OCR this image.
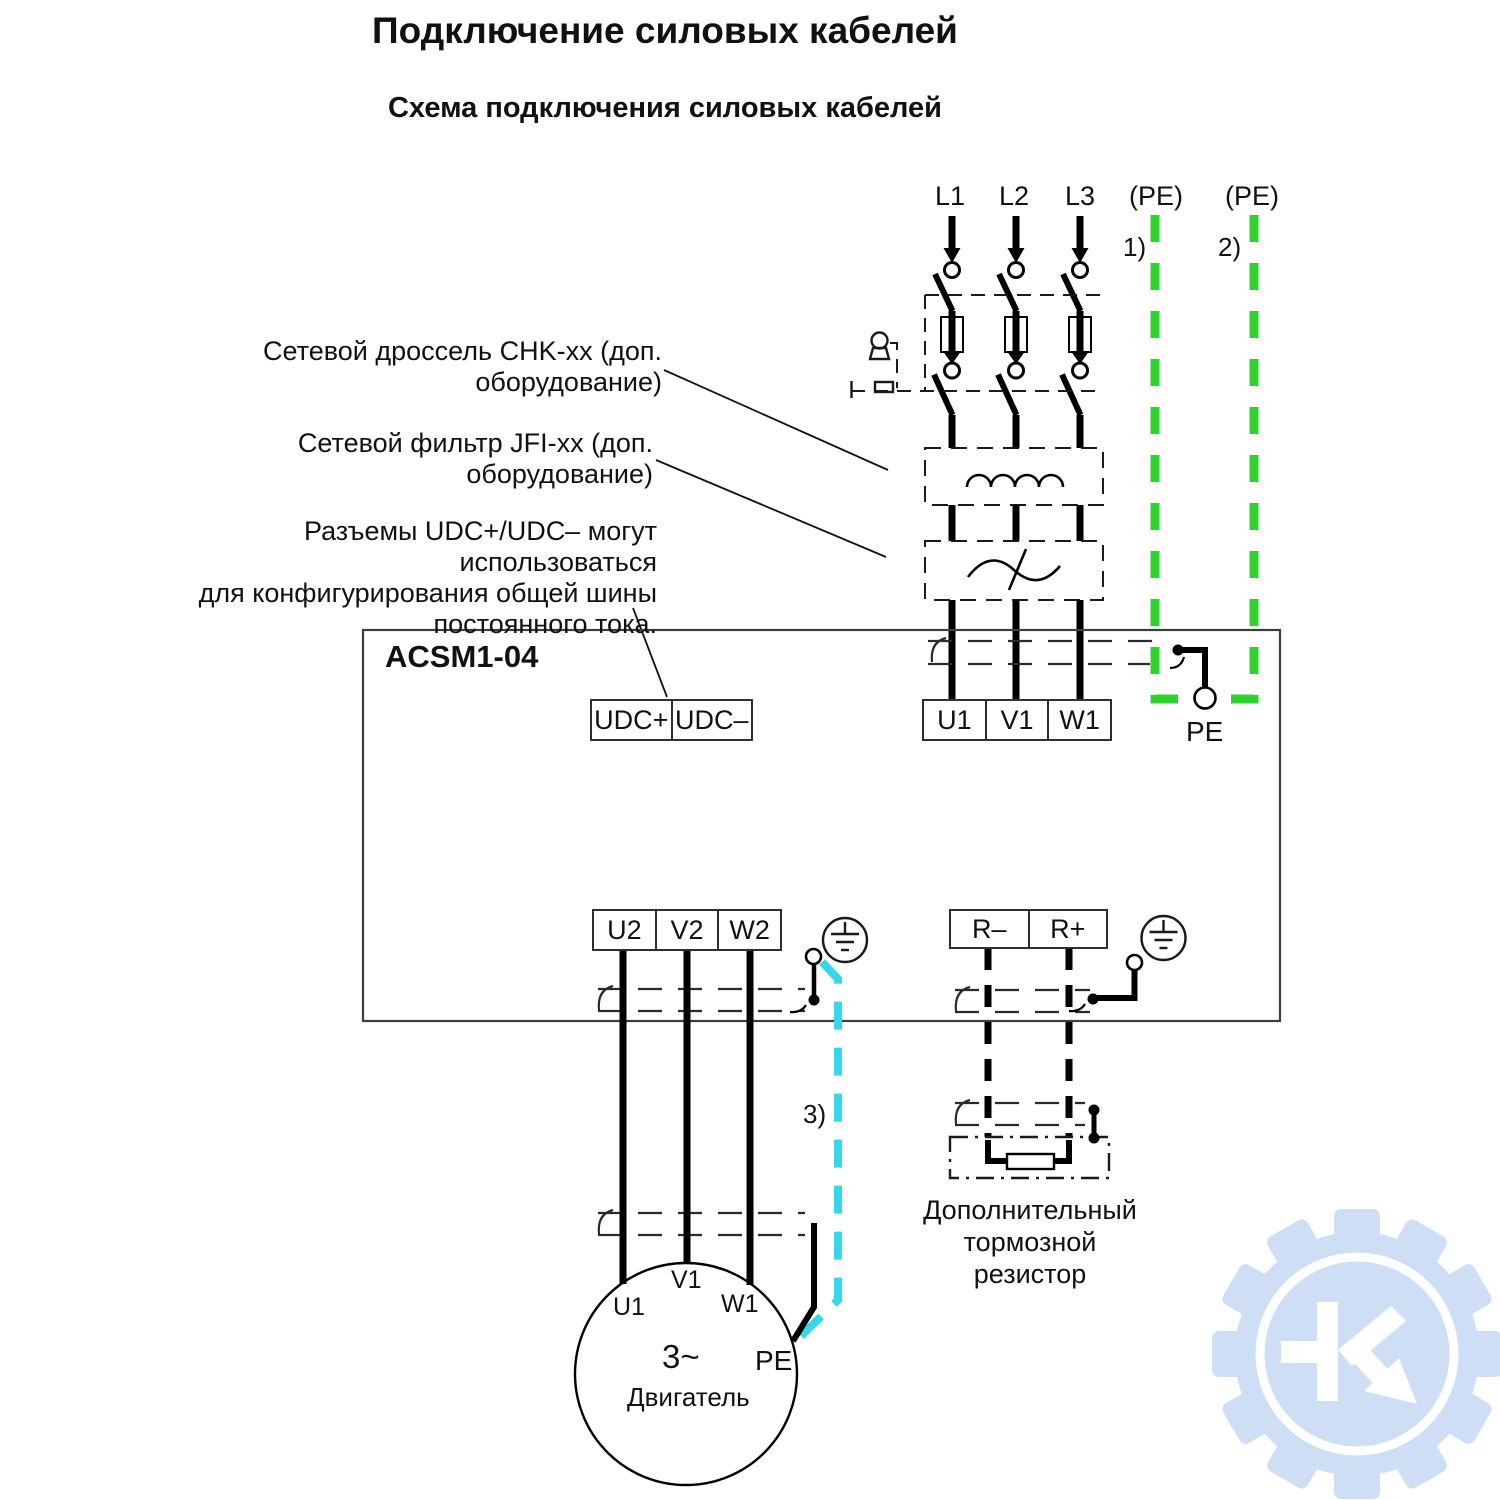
Подключение силовых кабелей
Схема подключения силовых кабелей
L1	L2	L3	(PE)	(PE)
1)	2)
3)
Сетевой дроссель CHK-xx (доп. оборудование)
Сетевой фильтр JFI-xx (доп. оборудование)
Разъемы UDC+/UDC– могут использоваться
для конфигурирования общей шины
постоянного тока.
ACSM1-04
UDC+ UDC–	U1	V1 W1
U2	V2 W2	R–	R+
PE
Дополнительный
тормозной резистор
V1
U1	W1
PE
3~
Двигатель
